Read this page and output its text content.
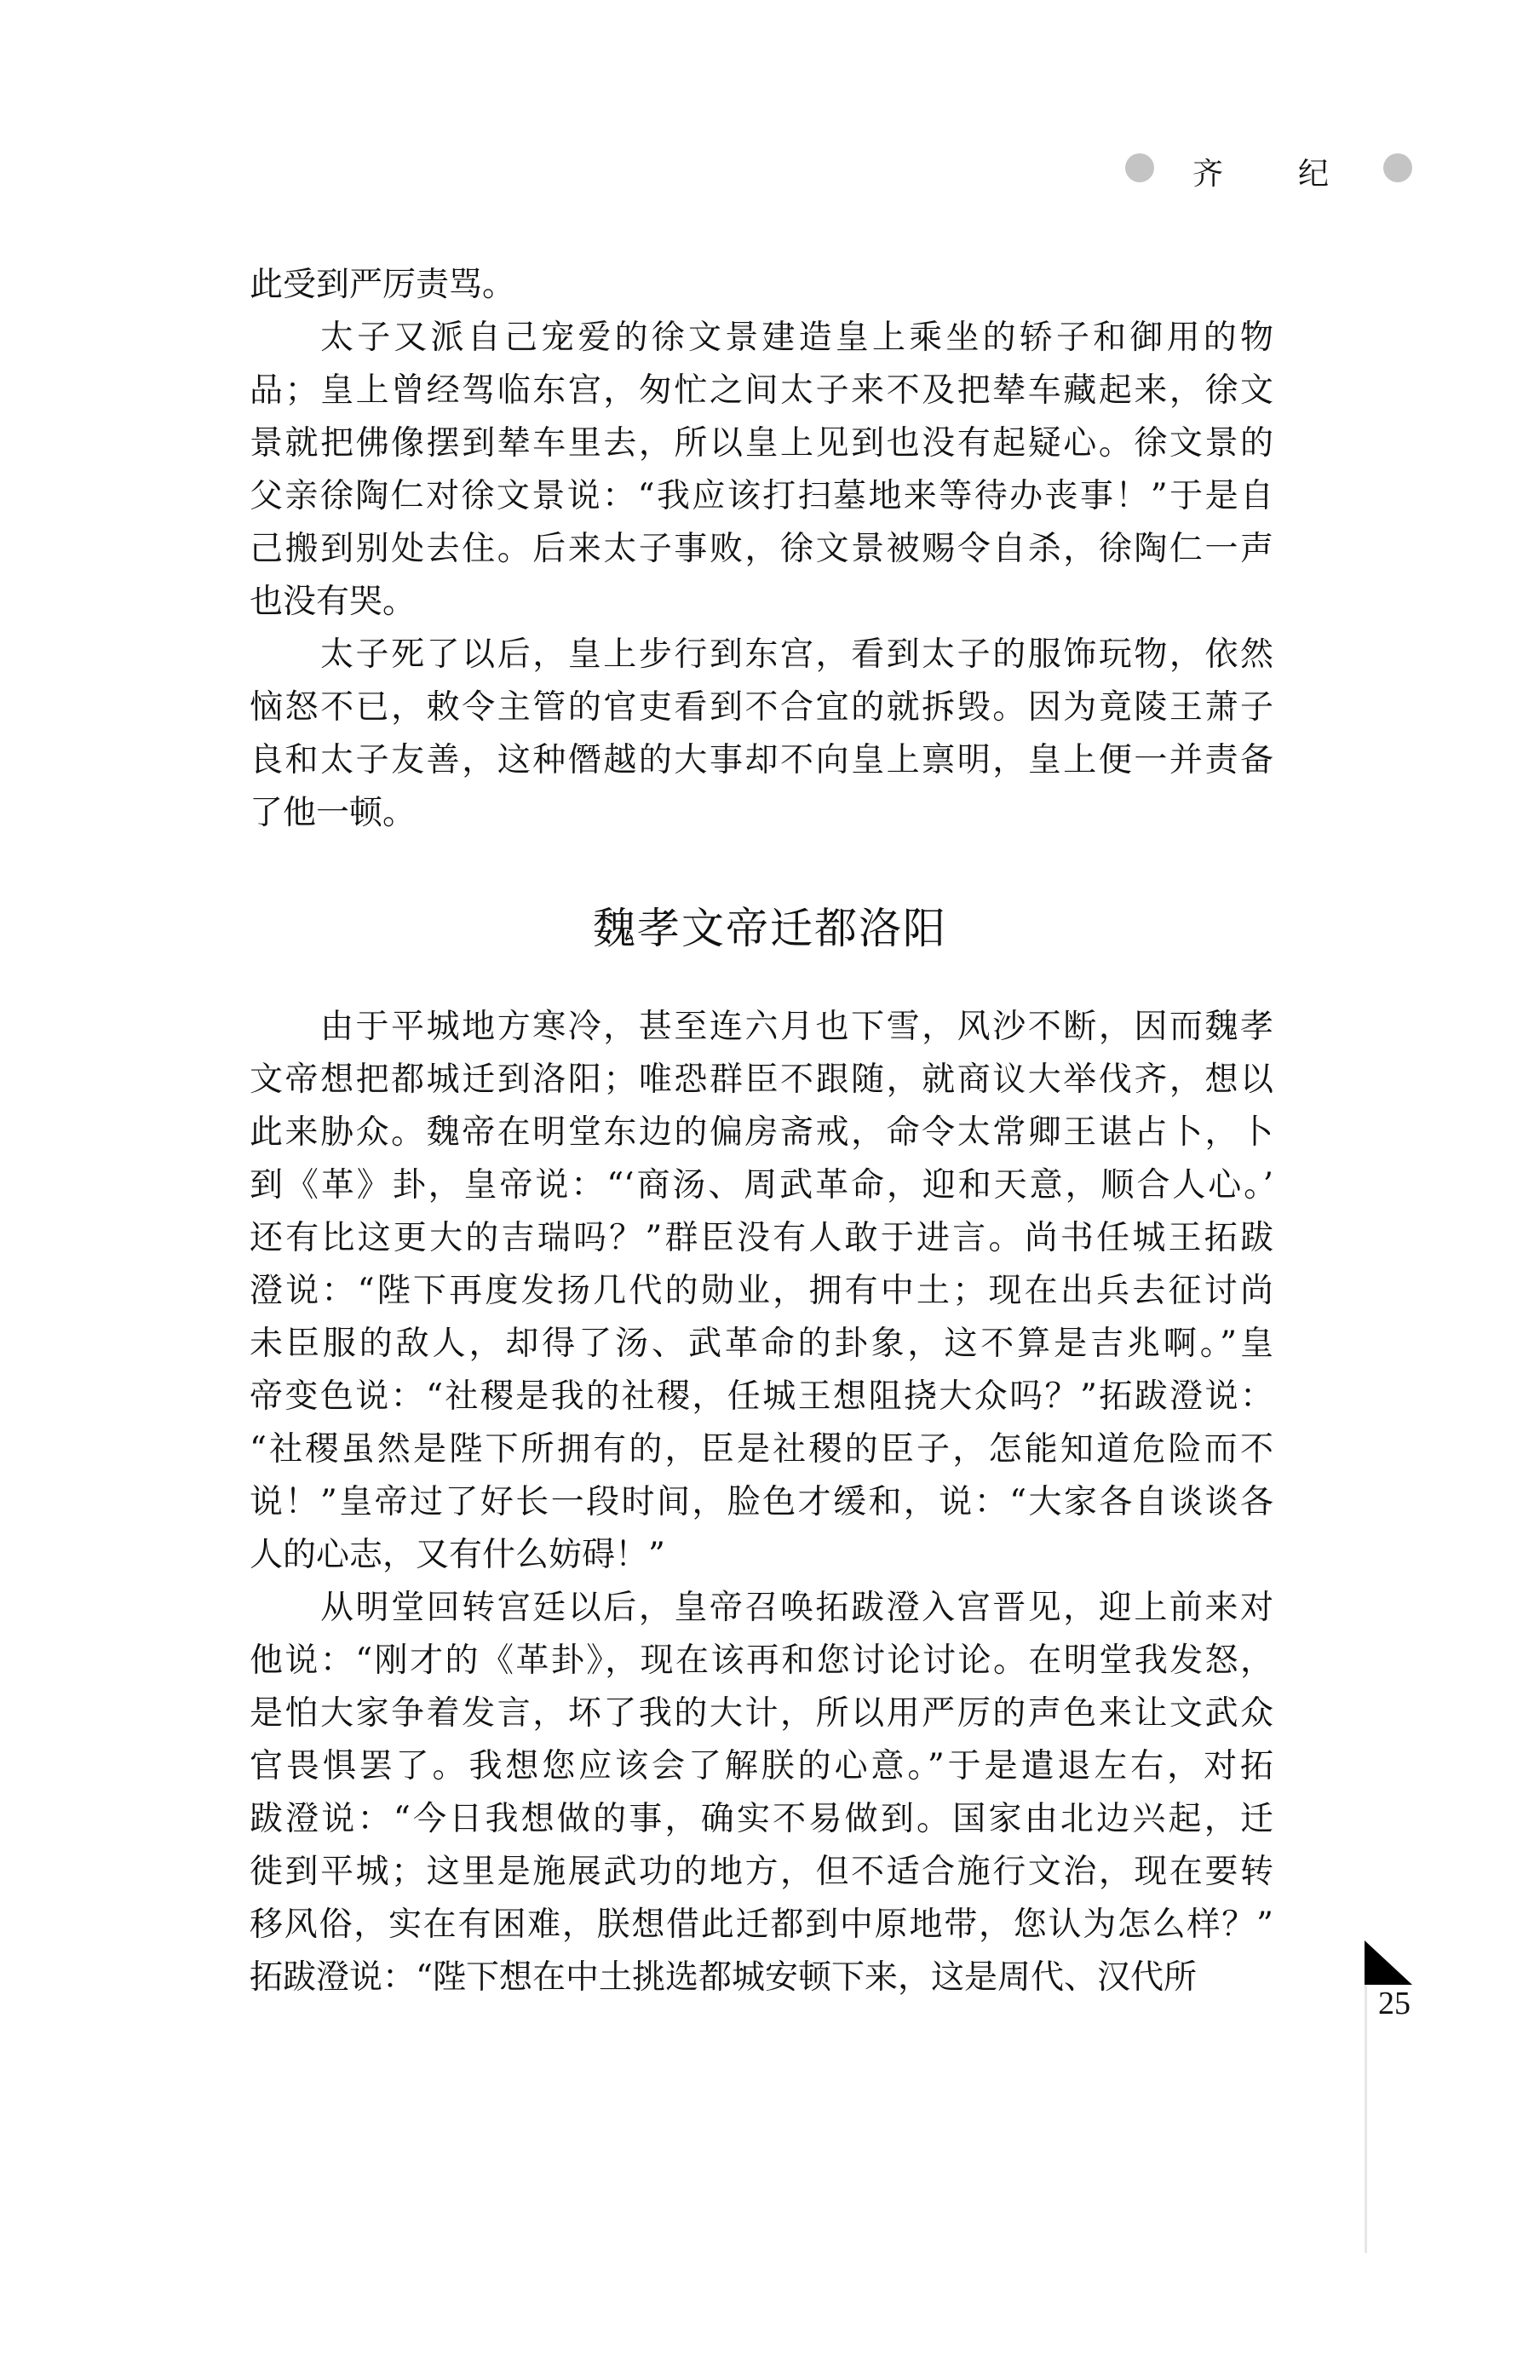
齐 纪
此受到严厉责骂。
太子又派自己宠爱的徐文景建造皇上乘坐的轿子和御用的物
品；皇上曾经驾临东宫，匆忙之间太子来不及把辇车藏起来，徐文
景就把佛像摆到辇车里去，所以皇上见到也没有起疑心。徐文景的
父亲徐陶仁对徐文景说：“我应该打扫墓地来等待办丧事！”于是自
己搬到别处去住。后来太子事败，徐文景被赐令自杀，徐陶仁一声
也没有哭。
太子死了以后，皇上步行到东宫，看到太子的服饰玩物，依然
恼怒不已，敕令主管的官吏看到不合宜的就拆毁。因为竟陵王萧子
良和太子友善，这种僭越的大事却不向皇上禀明，皇上便一并责备
了他一顿。
魏孝文帝迁都洛阳
由于平城地方寒冷，甚至连六月也下雪，风沙不断，因而魏孝
文帝想把都城迁到洛阳；唯恐群臣不跟随，就商议大举伐齐，想以
此来胁众。魏帝在明堂东边的偏房斋戒，命令太常卿王谌占卜，卜
到《革》卦，皇帝说：“‘商汤、周武革命，迎和天意，顺合人心。’
还有比这更大的吉瑞吗？”群臣没有人敢于进言。尚书任城王拓跋
澄说：“陛下再度发扬几代的勋业，拥有中土；现在出兵去征讨尚
未臣服的敌人，却得了汤、武革命的卦象，这不算是吉兆啊。”皇
帝变色说：“社稷是我的社稷，任城王想阻挠大众吗？”拓跋澄说：
“社稷虽然是陛下所拥有的，臣是社稷的臣子，怎能知道危险而不
说！”皇帝过了好长一段时间，脸色才缓和，说：“大家各自谈谈各
人的心志，又有什么妨碍！”
从明堂回转宫廷以后，皇帝召唤拓跋澄入宫晋见，迎上前来对
他说：“刚才的《革卦》，现在该再和您讨论讨论。在明堂我发怒，
是怕大家争着发言，坏了我的大计，所以用严厉的声色来让文武众
官畏惧罢了。我想您应该会了解朕的心意。”于是遣退左右，对拓
跋澄说：“今日我想做的事，确实不易做到。国家由北边兴起，迁
徙到平城；这里是施展武功的地方，但不适合施行文治，现在要转
移风俗，实在有困难，朕想借此迁都到中原地带，您认为怎么样？”
拓跋澄说：“陛下想在中土挑选都城安顿下来，这是周代、汉代所
25
